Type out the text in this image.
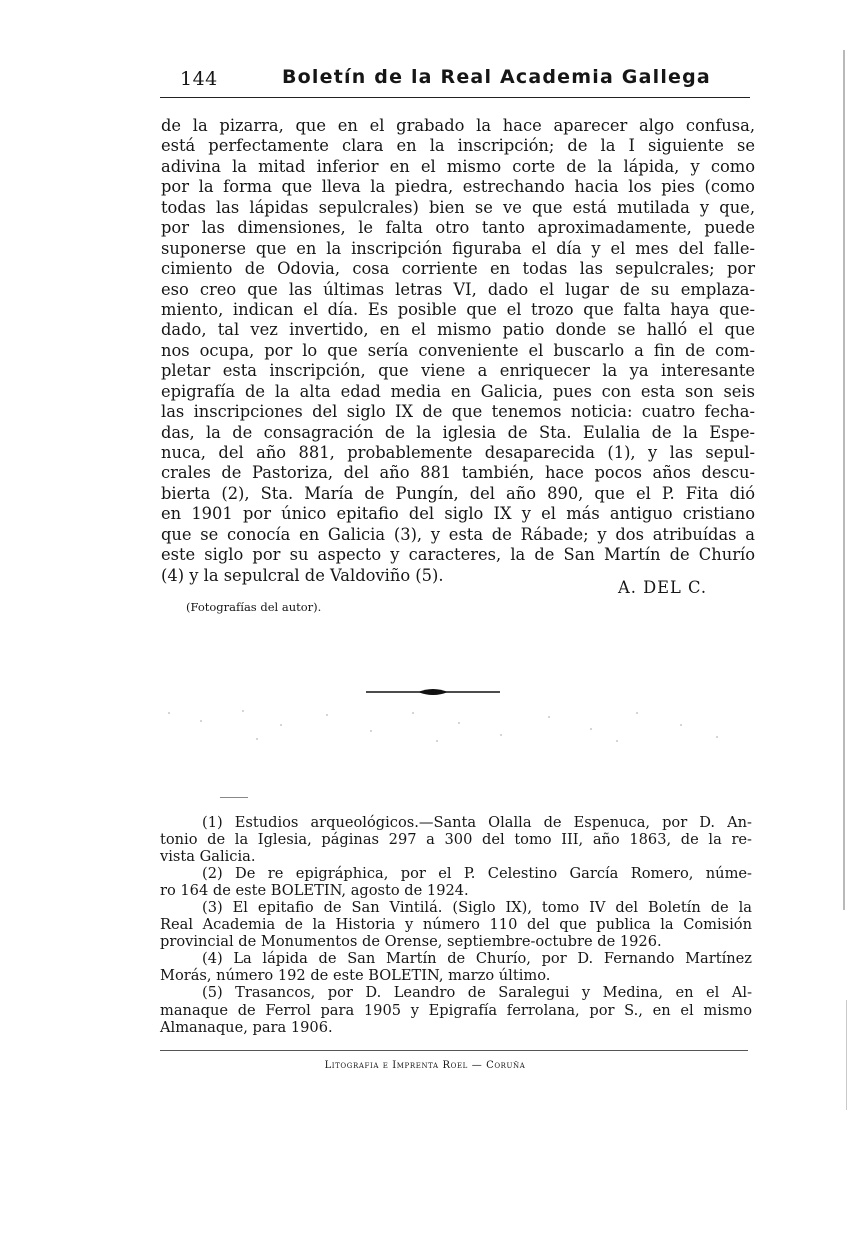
144	Boletín de la Real Academia Gallega
de la pizarra, que en el grabado la hace aparecer algo confusa,
está perfectamente clara en la inscripción; de la I siguiente se
adivina la mitad inferior en el mismo corte de la lápida, y como
por la forma que lleva la piedra, estrechando hacia los pies (como
todas las lápidas sepulcrales) bien se ve que está mutilada y que,
por las dimensiones, le falta otro tanto aproximadamente, puede
suponerse que en la inscripción figuraba el día y el mes del falle-
cimiento de Odovia, cosa corriente en todas las sepulcrales; por
eso creo que las últimas letras VI, dado el lugar de su emplaza-
miento, indican el día. Es posible que el trozo que falta haya que-
dado, tal vez invertido, en el mismo patio donde se halló el que
nos ocupa, por lo que sería conveniente el buscarlo a fin de com-
pletar esta inscripción, que viene a enriquecer la ya interesante
epigrafía de la alta edad media en Galicia, pues con esta son seis
las inscripciones del siglo IX de que tenemos noticia: cuatro fecha-
das, la de consagración de la iglesia de Sta. Eulalia de la Espe-
nuca, del año 881, probablemente desaparecida (1), y las sepul-
crales de Pastoriza, del año 881 también, hace pocos años descu-
bierta (2), Sta. María de Pungín, del año 890, que el P. Fita dió
en 1901 por único epitafio del siglo IX y el más antiguo cristiano
que se conocía en Galicia (3), y esta de Rábade; y dos atribuídas a
este siglo por su aspecto y caracteres, la de San Martín de Churío
(4) y la sepulcral de Valdoviño (5).
A. DEL C.
(Fotografías del autor).
(1) Estudios arqueológicos.—Santa Olalla de Espenuca, por D. An-
tonio de la Iglesia, páginas 297 a 300 del tomo III, año 1863, de la re-
vista Galicia.
(2) De re epigráphica, por el P. Celestino García Romero, núme-
ro 164 de este BOLETIN, agosto de 1924.
(3) El epitafio de San Vintilá. (Siglo IX), tomo IV del Boletín de la
Real Academia de la Historia y número 110 del que publica la Comisión
provincial de Monumentos de Orense, septiembre-octubre de 1926.
(4) La lápida de San Martín de Churío, por D. Fernando Martínez
Morás, número 192 de este BOLETIN, marzo último.
(5) Trasancos, por D. Leandro de Saralegui y Medina, en el Al-
manaque de Ferrol para 1905 y Epigrafía ferrolana, por S., en el mismo
Almanaque, para 1906.
Litografia e Imprenta Roel — Coruña
